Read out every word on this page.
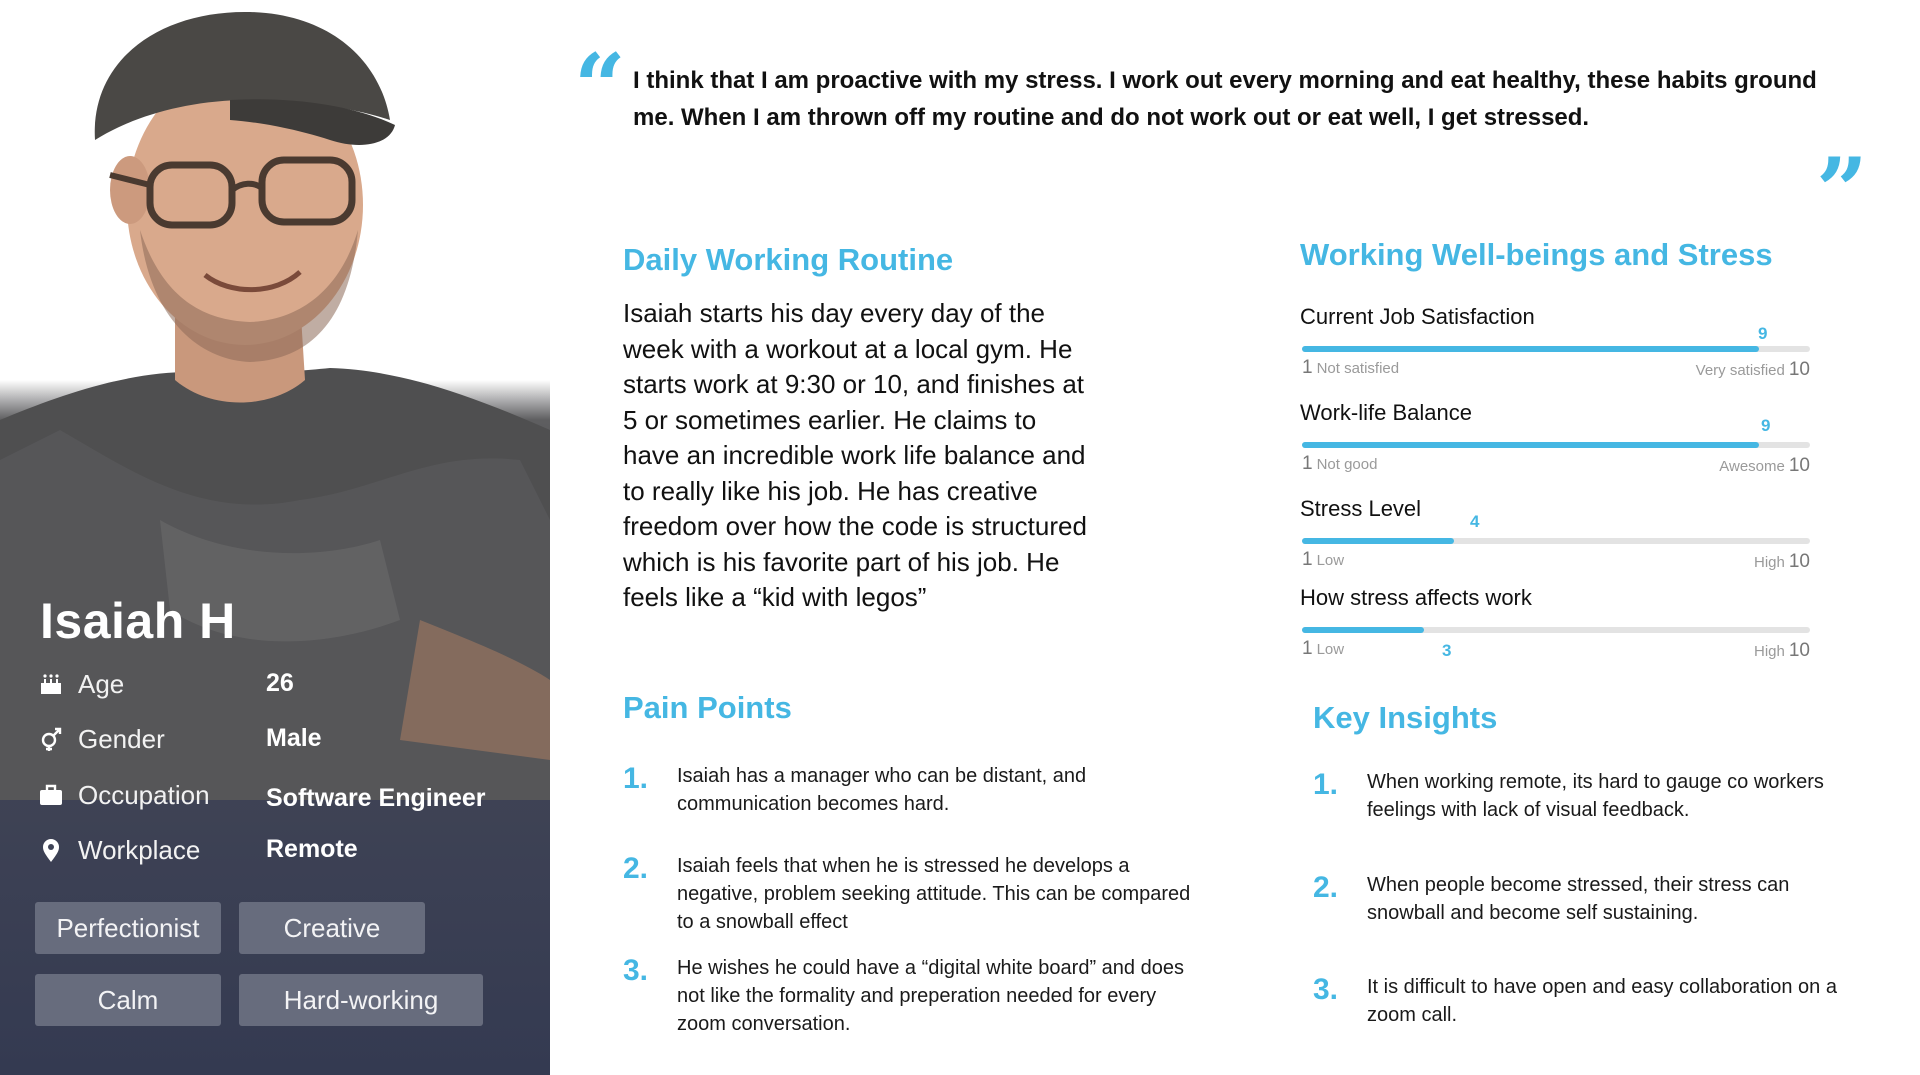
Isaiah H
Age	26
Gender	Male
Occupation Software Engineer
Workplace	Remote
Perfectionist	Creative
Calm	Hard-working
“ I think that I am proactive with my stress. I work out every morning and eat healthy, these habits ground me. When I am thrown off my routine and do not work out or eat well, I get stressed.
”
Daily Working Routine
Isaiah starts his day every day of the week with a workout at a local gym. He starts work at 9:30 or 10, and finishes at 5 or sometimes earlier. He claims to have an incredible work life balance and to really like his job. He has creative freedom over how the code is structured which is his favorite part of his job. He feels like a “kid with legos”
Pain Points
1. Isaiah has a manager who can be distant, and communication becomes hard.
2. Isaiah feels that when he is stressed he develops a negative, problem seeking attitude. This can be compared to a snowball effect
3. He wishes he could have a “digital white board” and does not like the formality and preperation needed for every zoom conversation.
Working Well-beings and Stress
Current Job Satisfaction
9
1 Not satisfied	Very satisfied 10
Work-life Balance
9
1 Not good	Awesome 10
Stress Level
4
1 Low	High 10
How stress affects work
3
1 Low	High 10
Key Insights
1. When working remote, its hard to gauge co workers feelings with lack of visual feedback.
2. When people become stressed, their stress can snowball and become self sustaining.
3. It is difficult to have open and easy collaboration on a zoom call.
